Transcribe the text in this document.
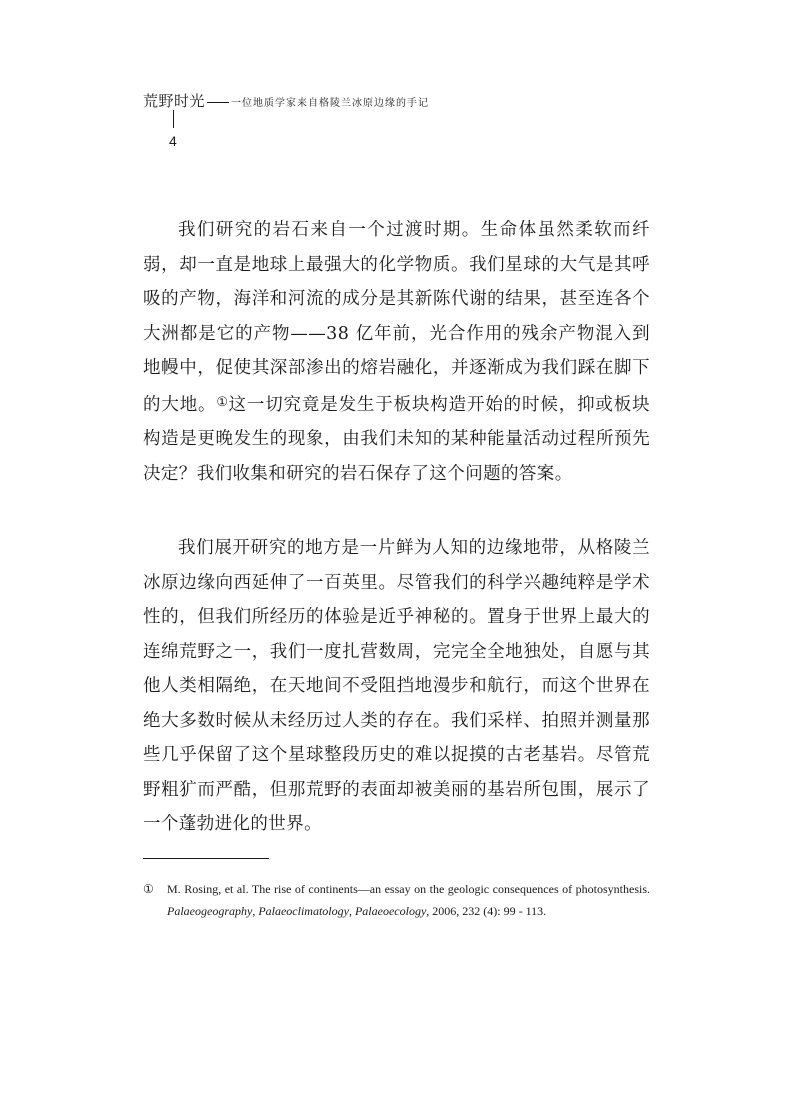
荒野时光	一位地质学家来自格陵兰冰原边缘的手记
4

我们研究的岩石来自一个过渡时期。生命体虽然柔软而纤弱，却一直是地球上最强大的化学物质。我们星球的大气是其呼吸的产物，海洋和河流的成分是其新陈代谢的结果，甚至连各个大洲都是它的产物——38 亿年前，光合作用的残余产物混入到地幔中，促使其深部渗出的熔岩融化，并逐渐成为我们踩在脚下的大地。①这一切究竟是发生于板块构造开始的时候，抑或板块构造是更晚发生的现象，由我们未知的某种能量活动过程所预先决定？我们收集和研究的岩石保存了这个问题的答案。

我们展开研究的地方是一片鲜为人知的边缘地带，从格陵兰冰原边缘向西延伸了一百英里。尽管我们的科学兴趣纯粹是学术性的，但我们所经历的体验是近乎神秘的。置身于世界上最大的连绵荒野之一，我们一度扎营数周，完完全全地独处，自愿与其他人类相隔绝，在天地间不受阻挡地漫步和航行，而这个世界在绝大多数时候从未经历过人类的存在。我们采样、拍照并测量那些几乎保留了这个星球整段历史的难以捉摸的古老基岩。尽管荒野粗犷而严酷，但那荒野的表面却被美丽的基岩所包围，展示了一个蓬勃进化的世界。

① M. Rosing, et al. The rise of continents—an essay on the geologic consequences of photosynthesis. Palaeogeography, Palaeoclimatology, Palaeoecology, 2006, 232 (4): 99 - 113.
